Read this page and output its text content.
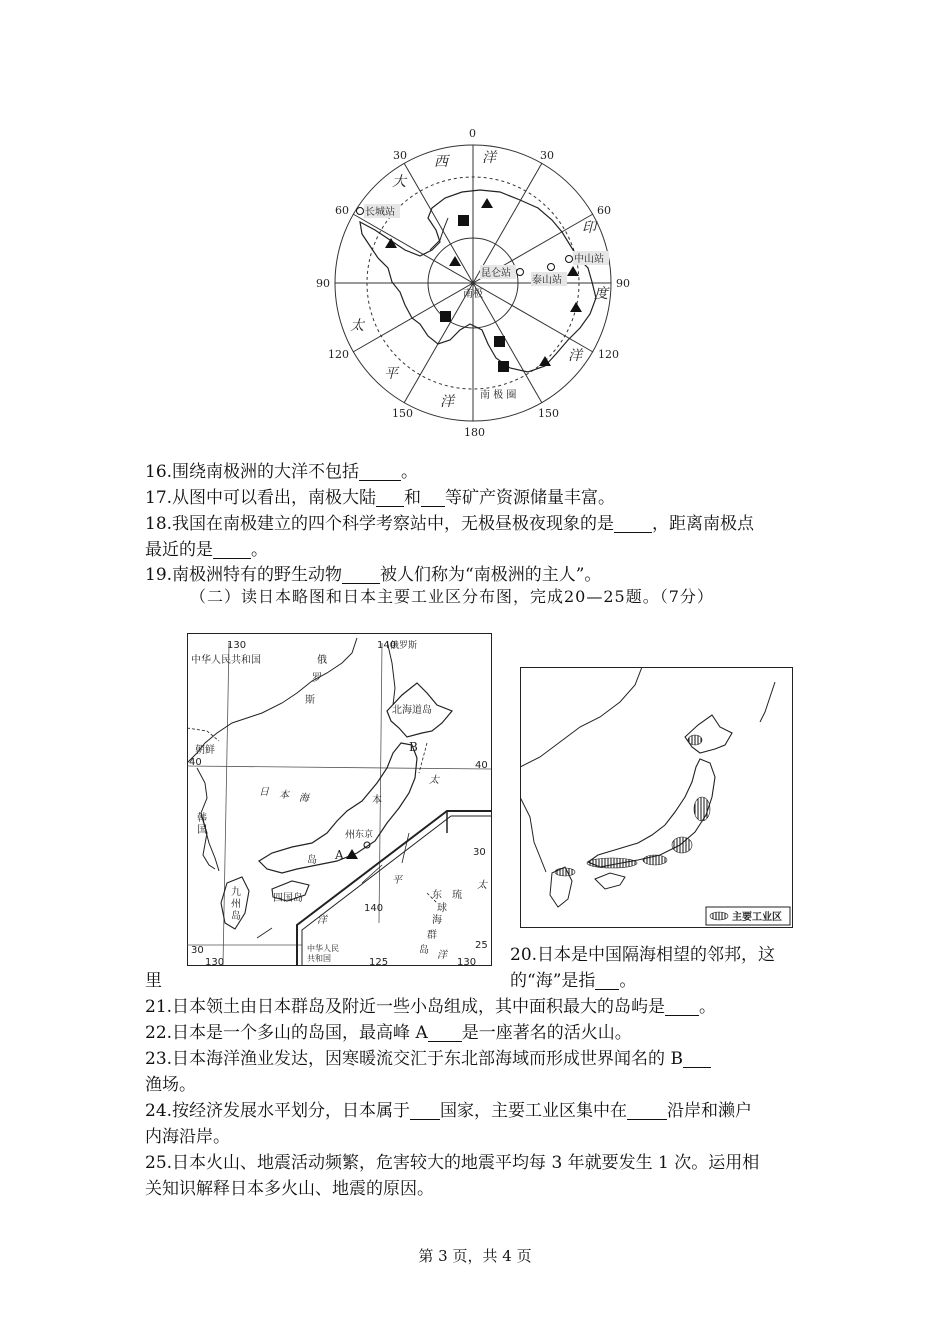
0
30	30
60	60
90	90
120	120
150	150
180
大
西 洋
印
度
洋
太
平
洋
长城站
中山站
昆仑站
泰山站
南极
南 极 圈
16.围绕南极洲的大洋不包括 。
17.从图中可以看出，南极大陆 和 等矿产资源储量丰富。
18.我国在南极建立的四个科学考察站中，无极昼极夜现象的是 ，距离南极点
最近的是 。
19.南极洲特有的野生动物 被人们称为“南极洲的主人”。
（二）读日本略图和日本主要工业区分布图，完成20—25题。（7分）
130	140
40	40
30
30
25
130
140
125	130
中华人民共和国
俄罗斯
俄
罗
斯
北海道岛
朝鲜
韩
国
日 本 海	本
州
岛
东京
A
B
四国岛
九
州
岛
太
平
洋
东
海
琉
球
群
岛
中华人民
共和国
太
洋
主要工业区
20.日本是中国隔海相望的邻邦，这
里	的“海”是指 。
21.日本领土由日本群岛及附近一些小岛组成，其中面积最大的岛屿是 。
22.日本是一个多山的岛国，最高峰 A 是一座著名的活火山。
23.日本海洋渔业发达，因寒暖流交汇于东北部海域而形成世界闻名的 B
渔场。
24.按经济发展水平划分，日本属于 国家，主要工业区集中在 沿岸和濑户
内海沿岸。
25.日本火山、地震活动频繁，危害较大的地震平均每 3 年就要发生 1 次。运用相
关知识解释日本多火山、地震的原因。
第 3 页，共 4 页
